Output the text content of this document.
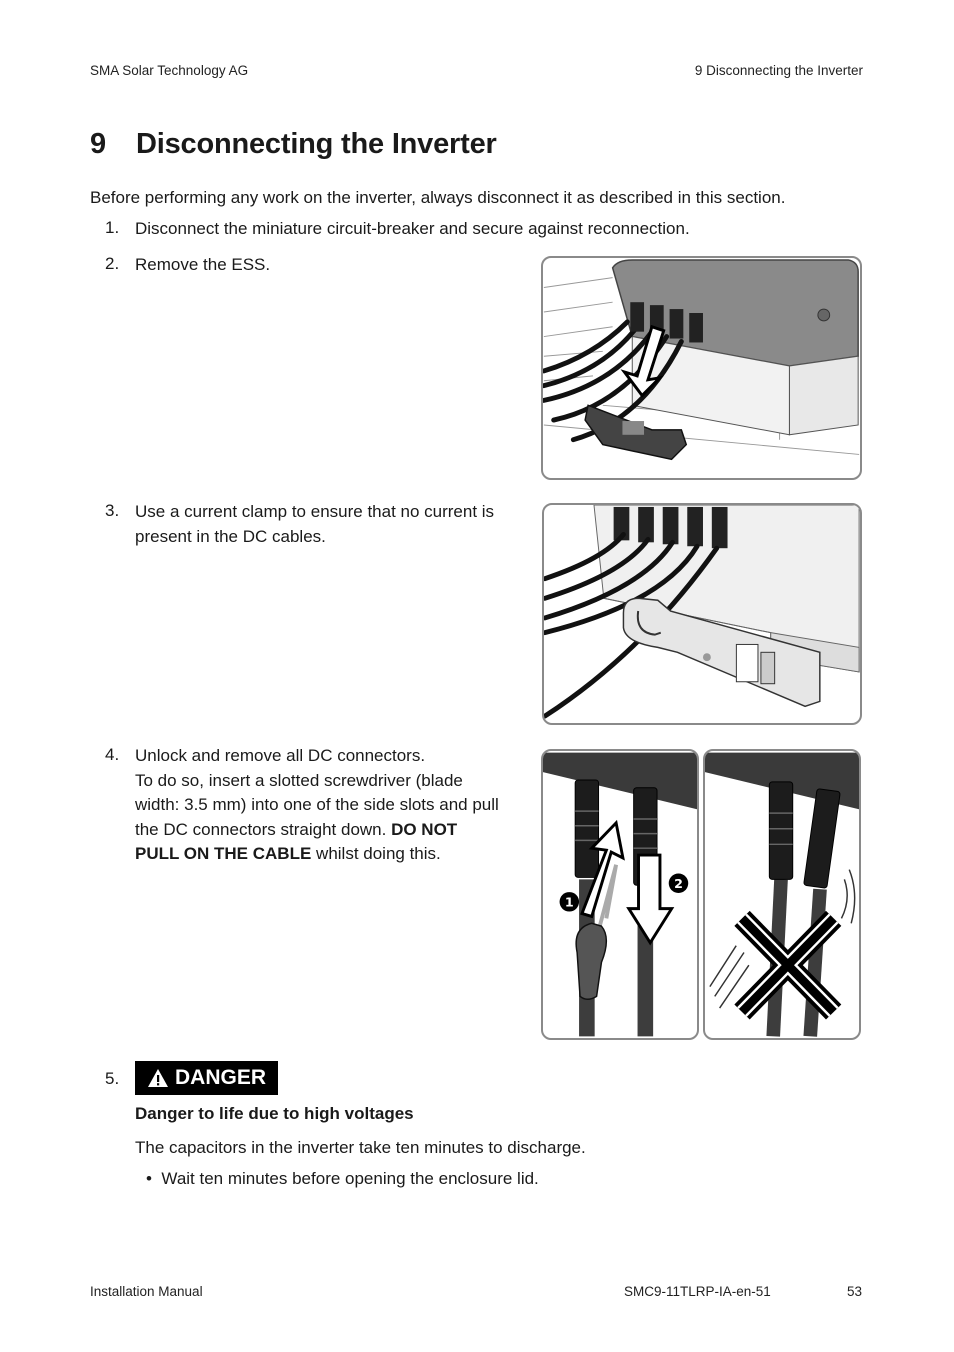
SMA Solar Technology AG	9 Disconnecting the Inverter
9 Disconnecting the Inverter
Before performing any work on the inverter, always disconnect it as described in this section.
1. Disconnect the miniature circuit-breaker and secure against reconnection.
2. Remove the ESS.
3. Use a current clamp to ensure that no current is
present in the DC cables.
4. Unlock and remove all DC connectors.
To do so, insert a slotted screwdriver (blade
width: 3.5 mm) into one of the side slots and pull
the DC connectors straight down. DO NOT
PULL ON THE CABLE whilst doing this.
1
2
5.	DANGER
Danger to life due to high voltages
The capacitors in the inverter take ten minutes to discharge.
•  Wait ten minutes before opening the enclosure lid.
Installation Manual	SMC9-11TLRP-IA-en-51	53
